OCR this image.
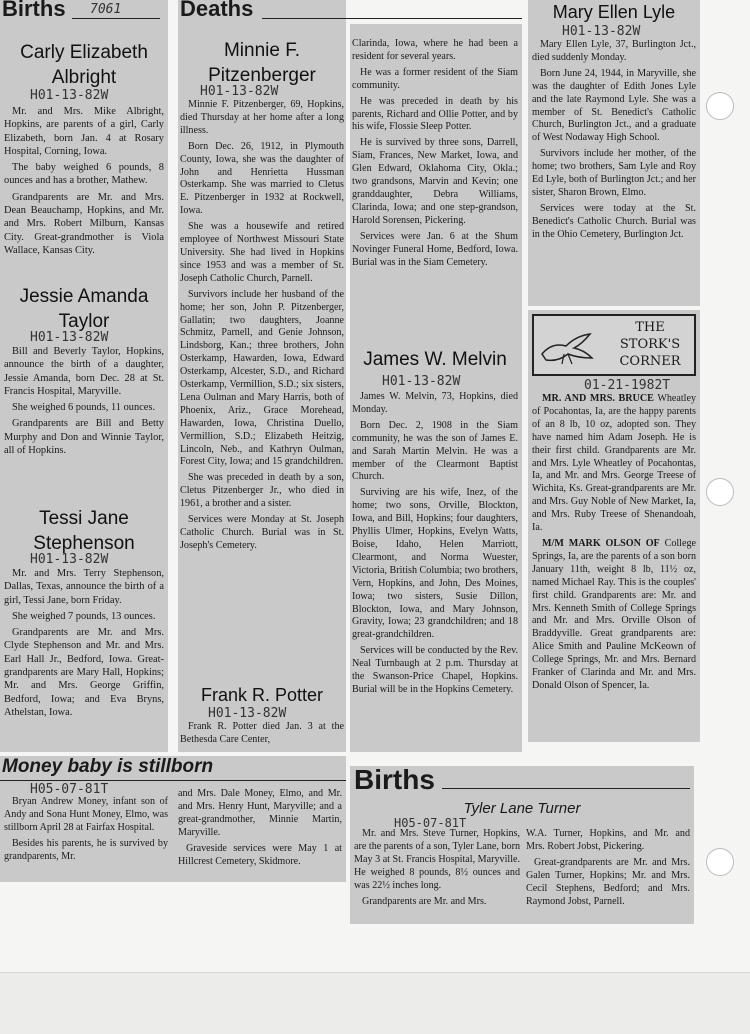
Births 7061
Carly Elizabeth
Albright
H01-13-82W

Mr. and Mrs. Mike Albright, Hopkins, are parents of a girl, Carly Elizabeth, born Jan. 4 at Rosary Hospital, Corning, Iowa.

The baby weighed 6 pounds, 8 ounces and has a brother, Mathew.

Grandparents are Mr. and Mrs. Dean Beauchamp, Hopkins, and Mr. and Mrs. Robert Milburn, Kansas City. Great-grandmother is Viola Wallace, Kansas City.

Jessie Amanda
Taylor
H01-13-82W

Bill and Beverly Taylor, Hopkins, announce the birth of a daughter, Jessie Amanda, born Dec. 28 at St. Francis Hospital, Maryville.

She weighed 6 pounds, 11 ounces.

Grandparents are Bill and Betty Murphy and Don and Winnie Taylor, all of Hopkins.

Tessi Jane
Stephenson
H01-13-82W

Mr. and Mrs. Terry Stephenson, Dallas, Texas, announce the birth of a girl, Tessi Jane, born Friday.

She weighed 7 pounds, 13 ounces.

Grandparents are Mr. and Mrs. Clyde Stephenson and Mr. and Mrs. Earl Hall Jr., Bedford, Iowa. Great-grandparents are Mary Hall, Hopkins; Mr. and Mrs. George Griffin, Bedford, Iowa; and Eva Bryns, Athelstan, Iowa.

Deaths
Minnie F.
Pitzenberger
H01-13-82W

Minnie F. Pitzenberger, 69, Hopkins, died Thursday at her home after a long illness.

Born Dec. 26, 1912, in Plymouth County, Iowa, she was the daughter of John and Henrietta Hussman Osterkamp. She was married to Cletus E. Pitzenberger in 1932 at Rockwell, Iowa.

She was a housewife and retired employee of Northwest Missouri State University. She had lived in Hopkins since 1953 and was a member of St. Joseph Catholic Church, Parnell.

Survivors include her husband of the home; her son, John P. Pitzenberger, Gallatin; two daughters, Joanne Schmitz, Parnell, and Genie Johnson, Lindsborg, Kan.; three brothers, John Osterkamp, Hawarden, Iowa, Edward Osterkamp, Alcester, S.D., and Richard Osterkamp, Vermillion, S.D.; six sisters, Lena Oulman and Mary Harris, both of Phoenix, Ariz., Grace Morehead, Hawarden, Iowa, Christina Duello, Vermillion, S.D.; Elizabeth Heitzig, Lincoln, Neb., and Kathryn Oulman, Forest City, Iowa; and 15 grandchildren.

She was preceded in death by a son, Cletus Pitzenberger Jr., who died in 1961, a brother and a sister.

Services were Monday at St. Joseph Catholic Church. Burial was in St. Joseph's Cemetery.

Frank R. Potter
H01-13-82W

Frank R. Potter died Jan. 3 at the Bethesda Care Center,

Clarinda, Iowa, where he had been a resident for several years.

He was a former resident of the Siam community.

He was preceded in death by his parents, Richard and Ollie Potter, and by his wife, Flossie Sleep Potter.

He is survived by three sons, Darrell, Siam, Frances, New Market, Iowa, and Glen Edward, Oklahoma City, Okla.; two grandsons, Marvin and Kevin; one granddaughter, Debra Williams, Clarinda, Iowa; and one step-grandson, Harold Sorensen, Pickering.

Services were Jan. 6 at the Shum Novinger Funeral Home, Bedford, Iowa. Burial was in the Siam Cemetery.

James W. Melvin
H01-13-82W

James W. Melvin, 73, Hopkins, died Monday.

Born Dec. 2, 1908 in the Siam community, he was the son of James E. and Sarah Martin Melvin. He was a member of the Clearmont Baptist Church.

Surviving are his wife, Inez, of the home; two sons, Orville, Blockton, Iowa, and Bill, Hopkins; four daughters, Phyllis Ulmer, Hopkins, Evelyn Watts, Boise, Idaho, Helen Marriott, Clearmont, and Norma Wuester, Victoria, British Columbia; two brothers, Vern, Hopkins, and John, Des Moines, Iowa; two sisters, Susie Dillon, Blockton, Iowa, and Mary Johnson, Gravity, Iowa; 23 grandchildren; and 18 great-grandchildren.

Services will be conducted by the Rev. Neal Turnbaugh at 2 p.m. Thursday at the Swanson-Price Chapel, Hopkins. Burial will be in the Hopkins Cemetery.

Mary Ellen Lyle
H01-13-82W

Mary Ellen Lyle, 37, Burlington Jct., died suddenly Monday.

Born June 24, 1944, in Maryville, she was the daughter of Edith Jones Lyle and the late Raymond Lyle. She was a member of St. Benedict's Catholic Church, Burlington Jct., and a graduate of West Nodaway High School.

Survivors include her mother, of the home; two brothers, Sam Lyle and Roy Ed Lyle, both of Burlington Jct.; and her sister, Sharon Brown, Elmo.

Services were today at the St. Benedict's Catholic Church. Burial was in the Ohio Cemetery, Burlington Jct.

THE
STORK'S
CORNER
01-21-1982T

MR. AND MRS. BRUCE Wheatley of Pocahontas, Ia, are the happy parents of an 8 lb, 10 oz, adopted son. They have named him Adam Joseph. He is their first child. Grandparents are Mr. and Mrs. Lyle Wheatley of Pocahontas, Ia, and Mr. and Mrs. George Treese of Wichita, Ks. Great-grandparents are Mr. and Mrs. Guy Noble of New Market, Ia, and Mrs. Ruby Treese of Shenandoah, Ia.

M/M MARK OLSON OF College Springs, Ia, are the parents of a son born January 11th, weight 8 lb, 11½ oz, named Michael Ray. This is the couples' first child. Grandparents are: Mr. and Mrs. Kenneth Smith of College Springs and Mr. and Mrs. Orville Olson of Braddyville. Great grandparents are: Alice Smith and Pauline McKeown of College Springs, Mr. and Mrs. Bernard Franker of Clarinda and Mr. and Mrs. Donald Olson of Spencer, Ia.

Money baby is stillborn
H05-07-81T

Bryan Andrew Money, infant son of Andy and Sona Hunt Money, Elmo, was stillborn April 28 at Fairfax Hospital.

Besides his parents, he is survived by grandparents, Mr.

and Mrs. Dale Money, Elmo, and Mr. and Mrs. Henry Hunt, Maryville; and a great-grandmother, Minnie Martin, Maryville.

Graveside services were May 1 at Hillcrest Cemetery, Skidmore.

Births
Tyler Lane Turner
H05-07-81T

Mr. and Mrs. Steve Turner, Hopkins, are the parents of a son, Tyler Lane, born May 3 at St. Francis Hospital, Maryville. He weighed 8 pounds, 8½ ounces and was 22½ inches long.

Grandparents are Mr. and Mrs.

W.A. Turner, Hopkins, and Mr. and Mrs. Robert Jobst, Pickering.

Great-grandparents are Mr. and Mrs. Galen Turner, Hopkins; Mr. and Mrs. Cecil Stephens, Bedford; and Mrs. Raymond Jobst, Parnell.
